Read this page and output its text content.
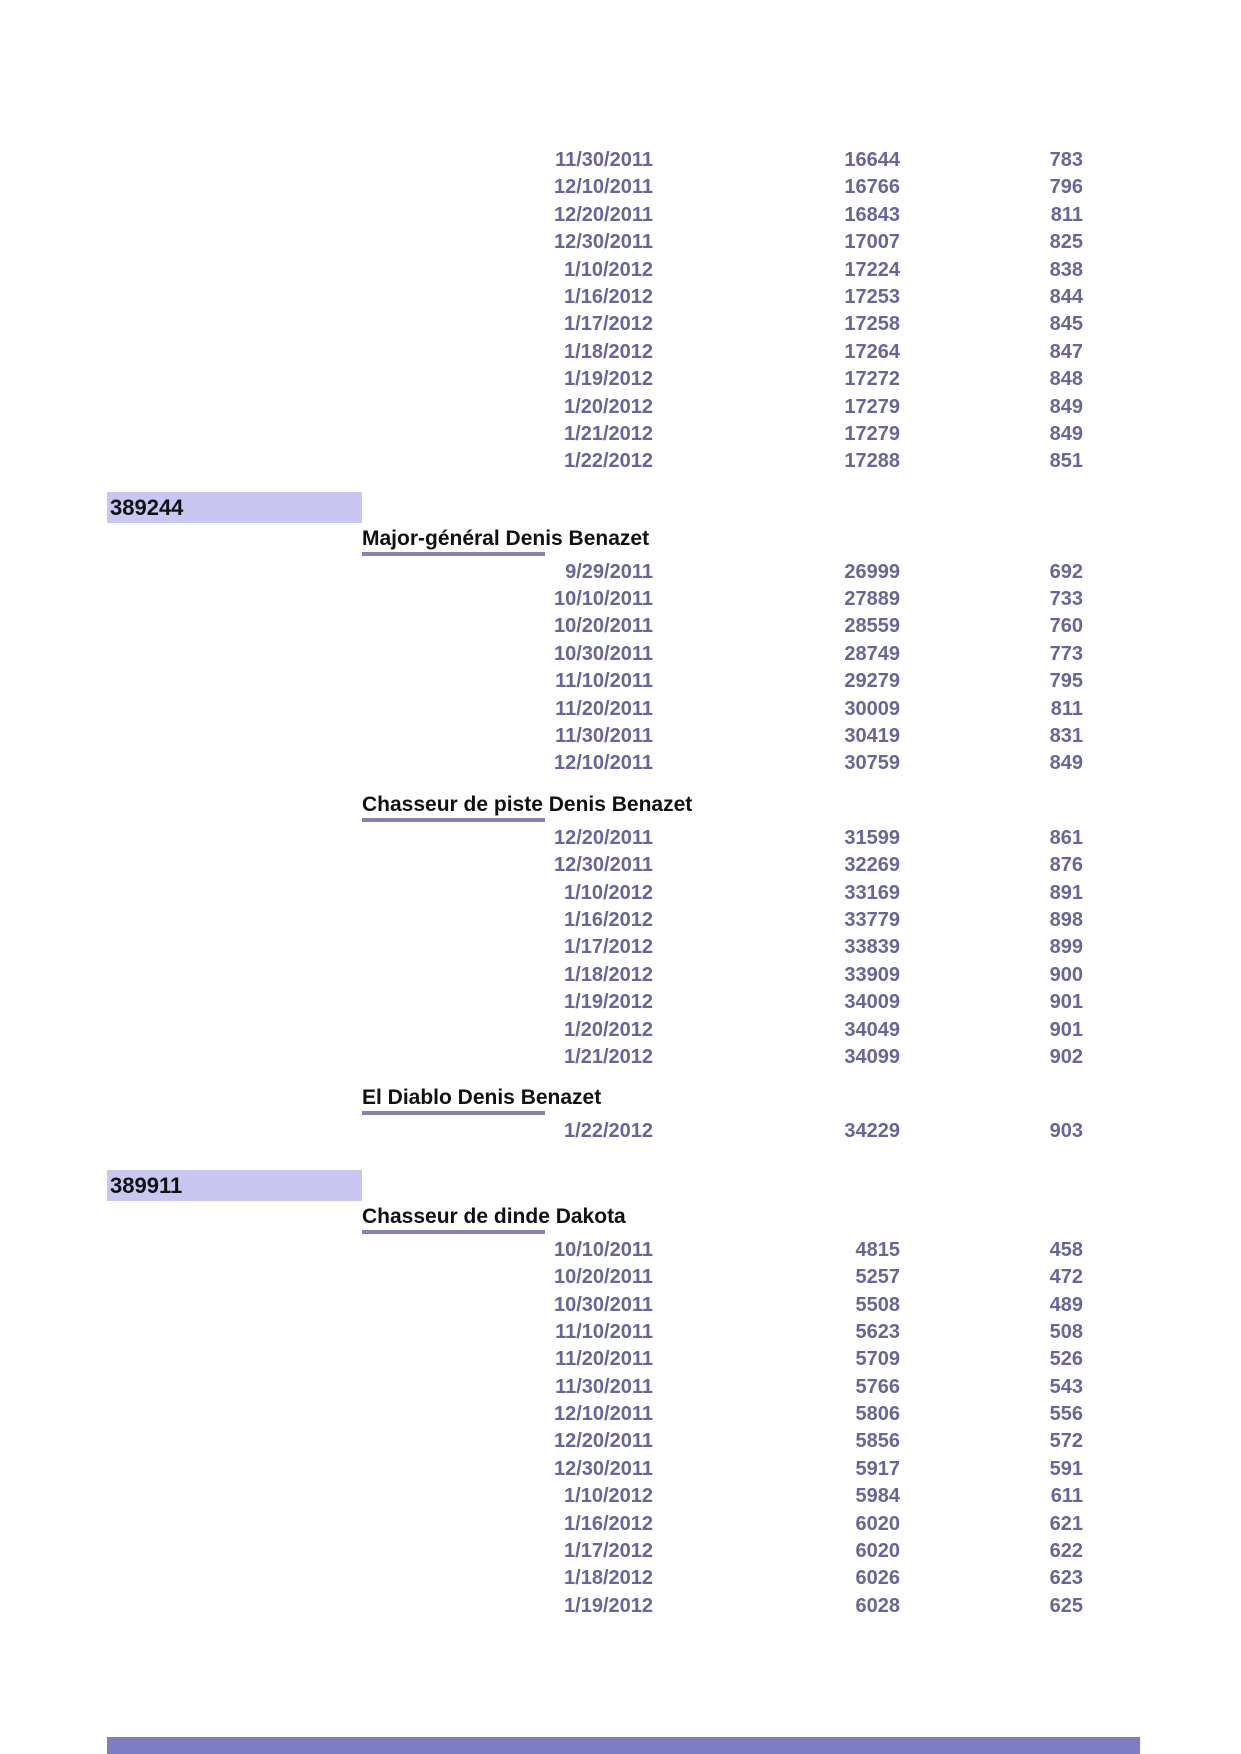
11/30/2011	16644	783
12/10/2011	16766	796
12/20/2011	16843	811
12/30/2011	17007	825
1/10/2012	17224	838
1/16/2012	17253	844
1/17/2012	17258	845
1/18/2012	17264	847
1/19/2012	17272	848
1/20/2012	17279	849
1/21/2012	17279	849
1/22/2012	17288	851
389244
Major-général Denis Benazet
9/29/2011	26999	692
10/10/2011	27889	733
10/20/2011	28559	760
10/30/2011	28749	773
11/10/2011	29279	795
11/20/2011	30009	811
11/30/2011	30419	831
12/10/2011	30759	849
Chasseur de piste Denis Benazet
12/20/2011	31599	861
12/30/2011	32269	876
1/10/2012	33169	891
1/16/2012	33779	898
1/17/2012	33839	899
1/18/2012	33909	900
1/19/2012	34009	901
1/20/2012	34049	901
1/21/2012	34099	902
El Diablo Denis Benazet
1/22/2012	34229	903
389911
Chasseur de dinde Dakota
10/10/2011	4815	458
10/20/2011	5257	472
10/30/2011	5508	489
11/10/2011	5623	508
11/20/2011	5709	526
11/30/2011	5766	543
12/10/2011	5806	556
12/20/2011	5856	572
12/30/2011	5917	591
1/10/2012	5984	611
1/16/2012	6020	621
1/17/2012	6020	622
1/18/2012	6026	623
1/19/2012	6028	625
